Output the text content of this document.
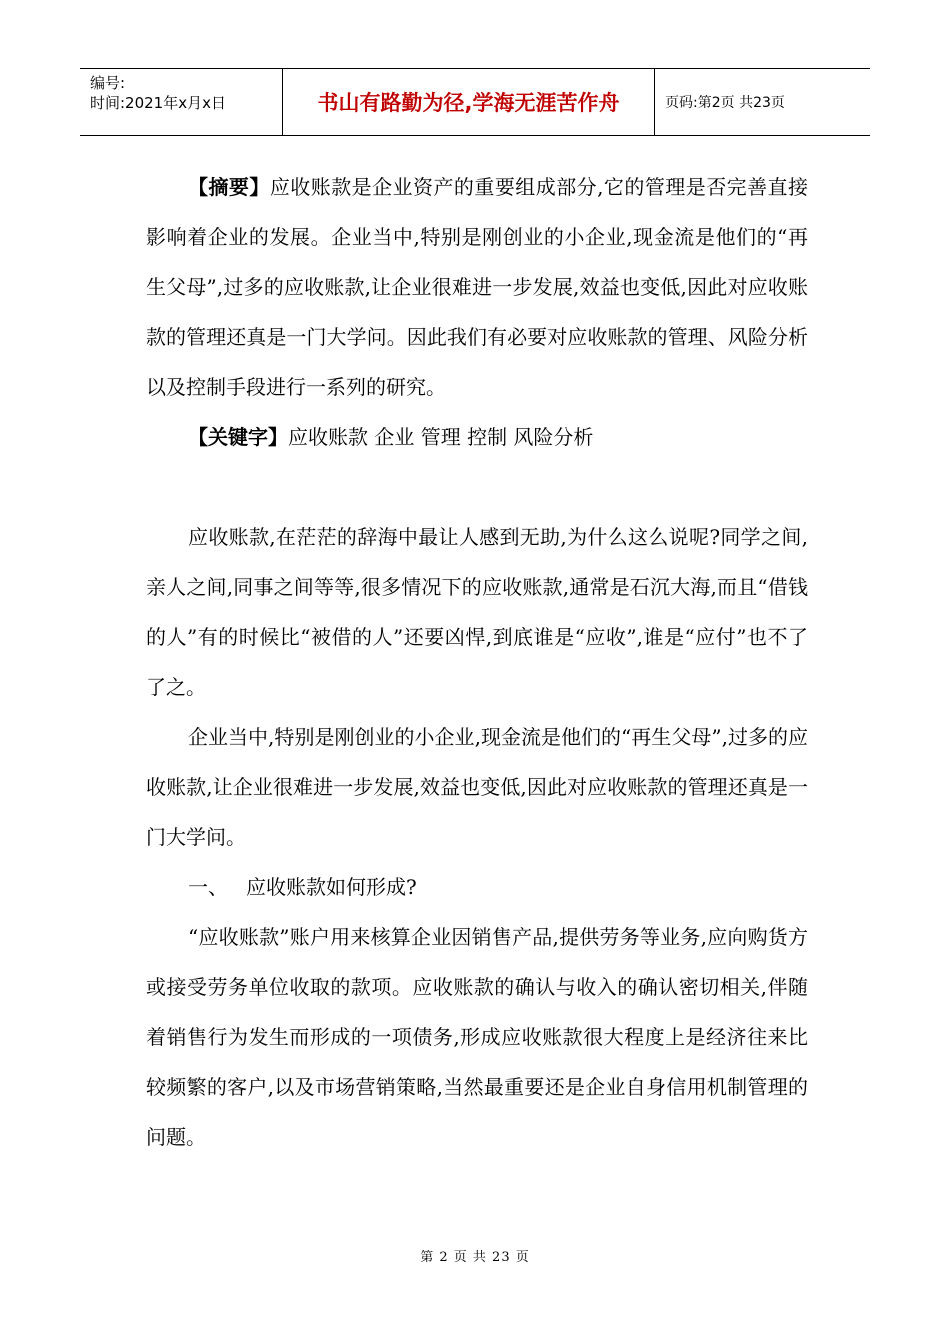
编号:
时间:2021年x月x日	书山有路勤为径,学海无涯苦作舟	页码:第2页 共23页

【摘要】应收账款是企业资产的重要组成部分,它的管理是否完善直接影响着企业的发展。企业当中,特别是刚创业的小企业,现金流是他们的“再生父母”,过多的应收账款,让企业很难进一步发展,效益也变低,因此对应收账款的管理还真是一门大学问。因此我们有必要对应收账款的管理、风险分析以及控制手段进行一系列的研究。

【关键字】应收账款 企业 管理 控制 风险分析

应收账款,在茫茫的辞海中最让人感到无助,为什么这么说呢?同学之间,亲人之间,同事之间等等,很多情况下的应收账款,通常是石沉大海,而且“借钱的人”有的时候比“被借的人”还要凶悍,到底谁是“应收”,谁是“应付”也不了了之。

企业当中,特别是刚创业的小企业,现金流是他们的“再生父母”,过多的应收账款,让企业很难进一步发展,效益也变低,因此对应收账款的管理还真是一门大学问。

一、 应收账款如何形成?

“应收账款”账户用来核算企业因销售产品,提供劳务等业务,应向购货方或接受劳务单位收取的款项。应收账款的确认与收入的确认密切相关,伴随着销售行为发生而形成的一项债务,形成应收账款很大程度上是经济往来比较频繁的客户,以及市场营销策略,当然最重要还是企业自身信用机制管理的问题。

第 2 页 共 23 页
